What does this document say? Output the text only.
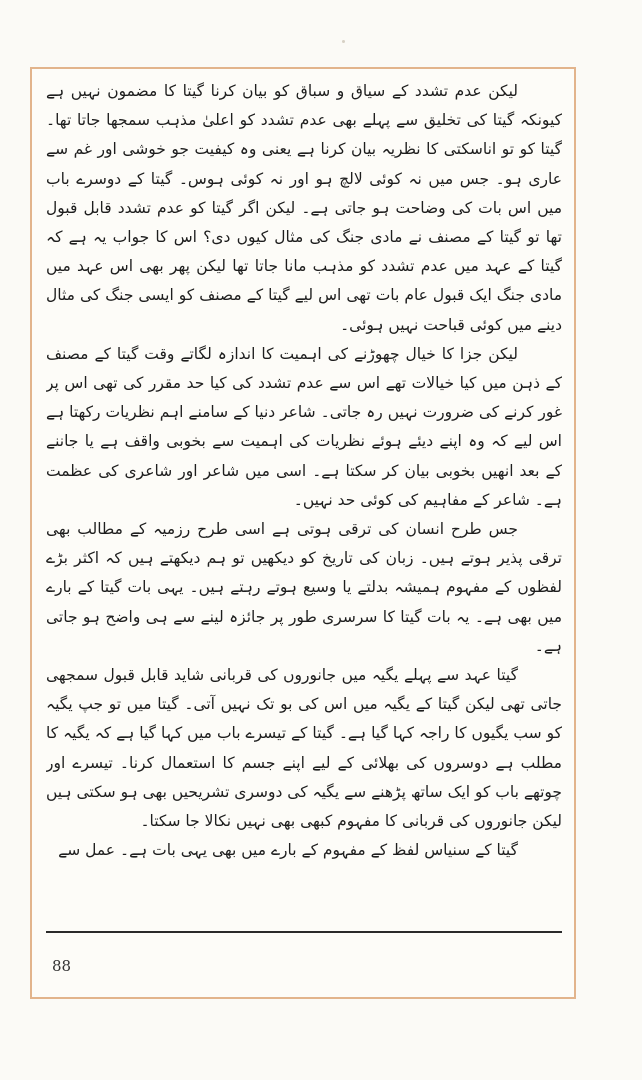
لیکن عدم تشدد کے سیاق و سباق کو بیان کرنا گیتا کا مضمون نہیں ہے کیونکہ گیتا کی تخلیق سے پہلے بھی عدم تشدد کو اعلیٰ مذہب سمجھا جاتا تھا۔ گیتا کو تو اناسکتی کا نظریہ بیان کرنا ہے یعنی وہ کیفیت جو خوشی اور غم سے عاری ہو۔ جس میں نہ کوئی لالچ ہو اور نہ کوئی ہوس۔ گیتا کے دوسرے باب میں اس بات کی وضاحت ہو جاتی ہے۔ لیکن اگر گیتا کو عدم تشدد قابل قبول تھا تو گیتا کے مصنف نے مادی جنگ کی مثال کیوں دی؟ اس کا جواب یہ ہے کہ گیتا کے عہد میں عدم تشدد کو مذہب مانا جاتا تھا لیکن پھر بھی اس عہد میں مادی جنگ ایک قبول عام بات تھی اس لیے گیتا کے مصنف کو ایسی جنگ کی مثال دینے میں کوئی قباحت نہیں ہوئی۔

لیکن جزا کا خیال چھوڑنے کی اہمیت کا اندازہ لگاتے وقت گیتا کے مصنف کے ذہن میں کیا خیالات تھے اس سے عدم تشدد کی کیا حد مقرر کی تھی اس پر غور کرنے کی ضرورت نہیں رہ جاتی۔ شاعر دنیا کے سامنے اہم نظریات رکھتا ہے اس لیے کہ وہ اپنے دیئے ہوئے نظریات کی اہمیت سے بخوبی واقف ہے یا جاننے کے بعد انھیں بخوبی بیان کر سکتا ہے۔ اسی میں شاعر اور شاعری کی عظمت ہے۔ شاعر کے مفاہیم کی کوئی حد نہیں۔

جس طرح انسان کی ترقی ہوتی ہے اسی طرح رزمیہ کے مطالب بھی ترقی پذیر ہوتے ہیں۔ زبان کی تاریخ کو دیکھیں تو ہم دیکھتے ہیں کہ اکثر بڑے لفظوں کے مفہوم ہمیشہ بدلتے یا وسیع ہوتے رہتے ہیں۔ یہی بات گیتا کے بارے میں بھی ہے۔ یہ بات گیتا کا سرسری طور پر جائزہ لینے سے ہی واضح ہو جاتی ہے۔

گیتا عہد سے پہلے یگیہ میں جانوروں کی قربانی شاید قابل قبول سمجھی جاتی تھی لیکن گیتا کے یگیہ میں اس کی بو تک نہیں آتی۔ گیتا میں تو جپ یگیہ کو سب یگیوں کا راجہ کہا گیا ہے۔ گیتا کے تیسرے باب میں کہا گیا ہے کہ یگیہ کا مطلب ہے دوسروں کی بھلائی کے لیے اپنے جسم کا استعمال کرنا۔ تیسرے اور چوتھے باب کو ایک ساتھ پڑھنے سے یگیہ کی دوسری تشریحیں بھی ہو سکتی ہیں لیکن جانوروں کی قربانی کا مفہوم کبھی بھی نہیں نکالا جا سکتا۔

گیتا کے سنیاس لفظ کے مفہوم کے بارے میں بھی یہی بات ہے۔ عمل سے

88
